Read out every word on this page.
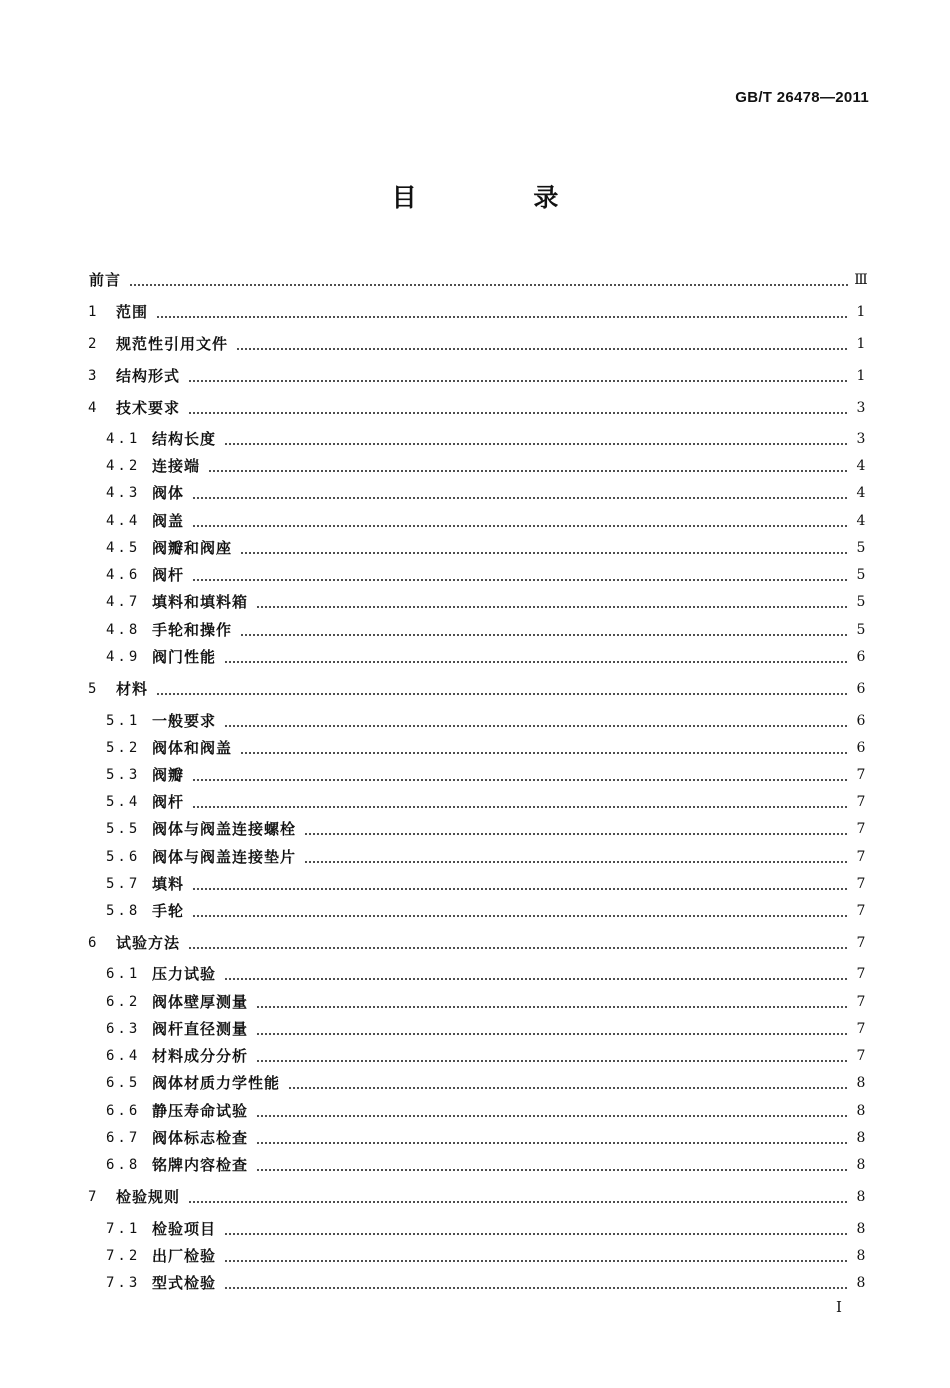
GB/T 26478—2011
目 录
前言	Ⅲ
1 范围	1
2 规范性引用文件	1
3 结构形式	1
4 技术要求	3
4.1 结构长度	3
4.2 连接端	4
4.3 阀体	4
4.4 阀盖	4
4.5 阀瓣和阀座	5
4.6 阀杆	5
4.7 填料和填料箱	5
4.8 手轮和操作	5
4.9 阀门性能	6
5 材料	6
5.1 一般要求	6
5.2 阀体和阀盖	6
5.3 阀瓣	7
5.4 阀杆	7
5.5 阀体与阀盖连接螺栓	7
5.6 阀体与阀盖连接垫片	7
5.7 填料	7
5.8 手轮	7
6 试验方法	7
6.1 压力试验	7
6.2 阀体壁厚测量	7
6.3 阀杆直径测量	7
6.4 材料成分分析	7
6.5 阀体材质力学性能	8
6.6 静压寿命试验	8
6.7 阀体标志检查	8
6.8 铭牌内容检查	8
7 检验规则	8
7.1 检验项目	8
7.2 出厂检验	8
7.3 型式检验	8
I
